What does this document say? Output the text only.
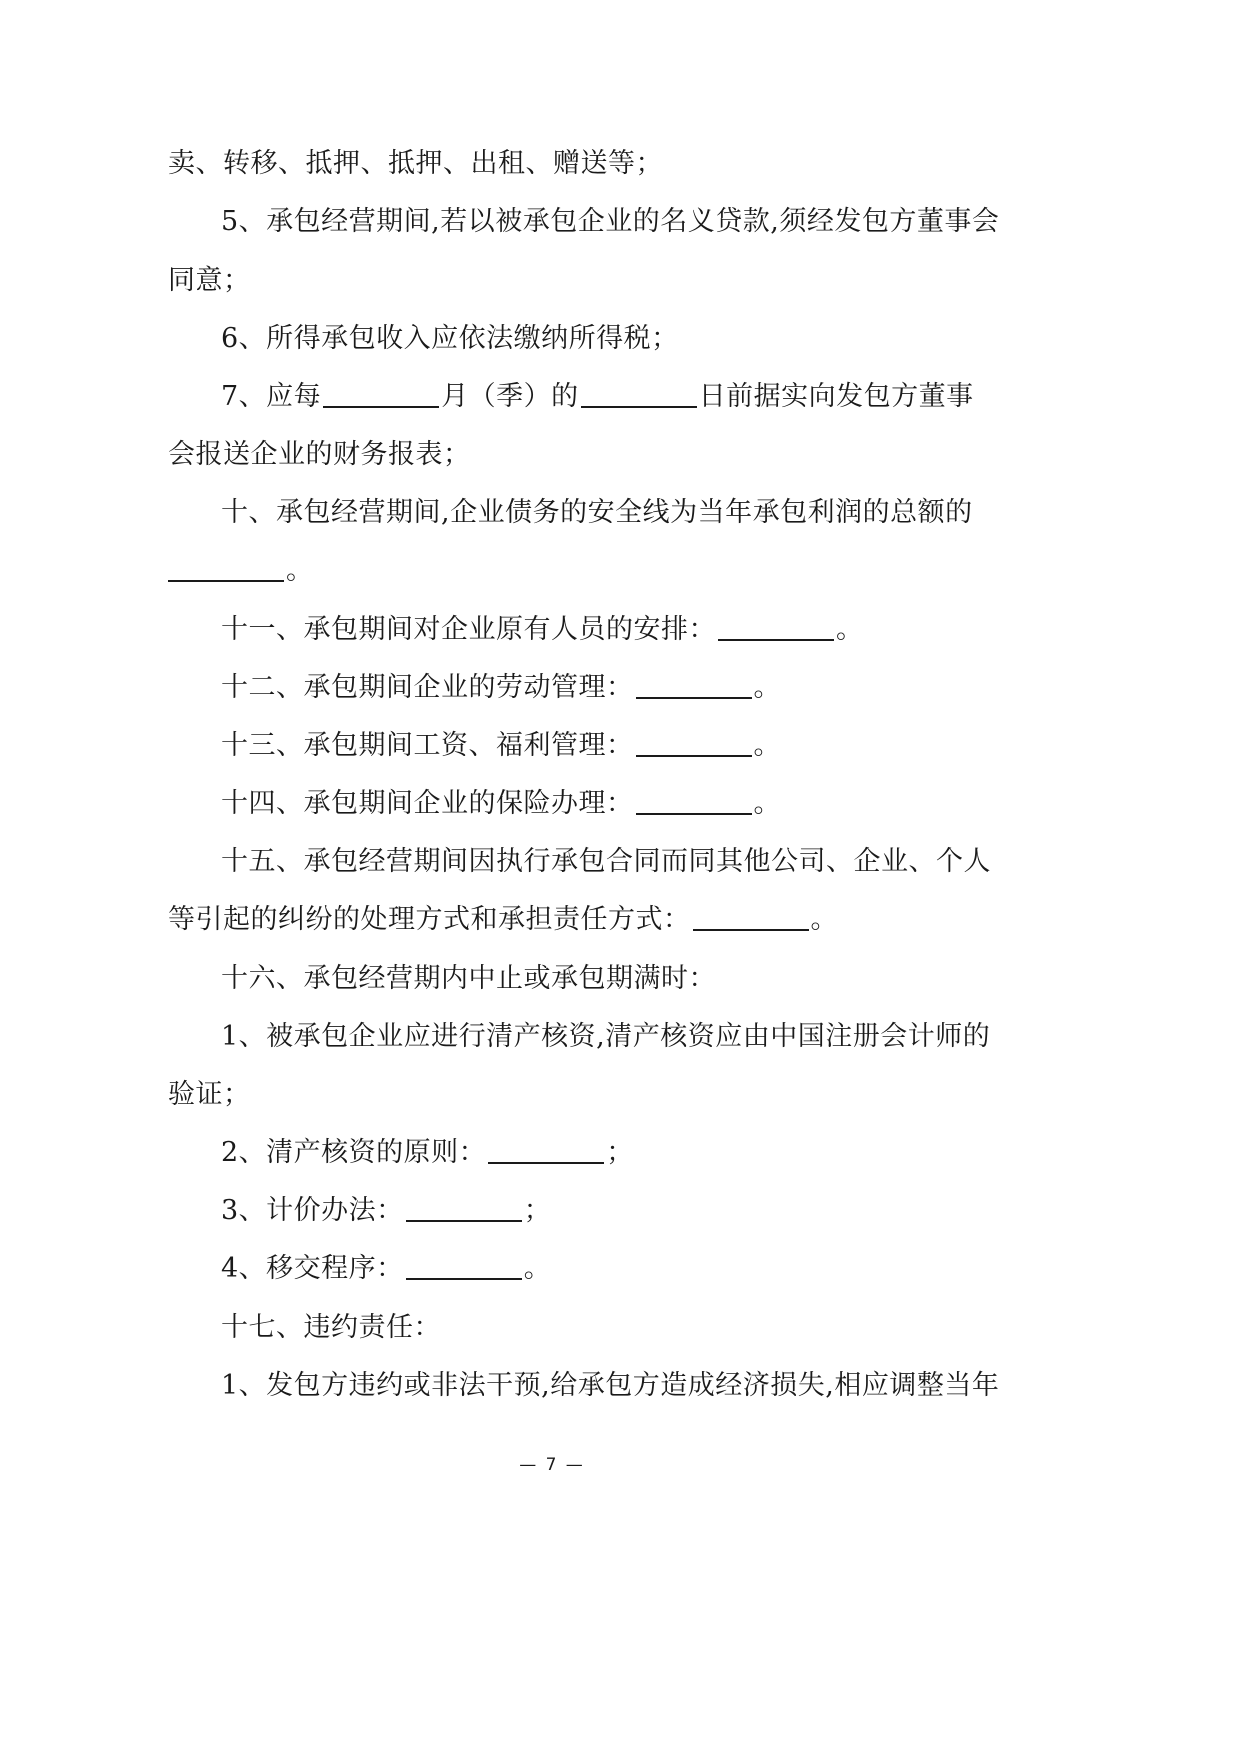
卖、转移、抵押、抵押、出租、赠送等；
5、承包经营期间,若以被承包企业的名义贷款,须经发包方董事会
同意；
6、所得承包收入应依法缴纳所得税；
7、应每	月（季）的	日前据实向发包方董事
会报送企业的财务报表；
十、承包经营期间,企业债务的安全线为当年承包利润的总额的
。
十一、承包期间对企业原有人员的安排：	。
十二、承包期间企业的劳动管理：	。
十三、承包期间工资、福利管理：	。
十四、承包期间企业的保险办理：	。
十五、承包经营期间因执行承包合同而同其他公司、企业、个人
等引起的纠纷的处理方式和承担责任方式：	。
十六、承包经营期内中止或承包期满时：
1、被承包企业应进行清产核资,清产核资应由中国注册会计师的
验证；
2、清产核资的原则：	；
3、计价办法：	；
4、移交程序：	。
十七、违约责任：
1、发包方违约或非法干预,给承包方造成经济损失,相应调整当年
— 7 —
